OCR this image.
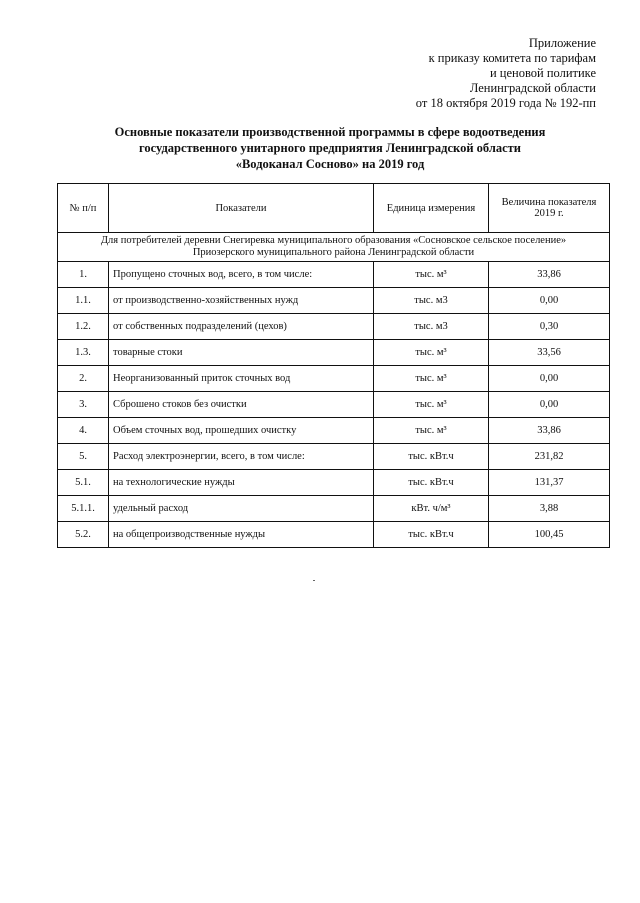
Приложение
к приказу комитета по тарифам
и ценовой политике
Ленинградской области
от 18 октября 2019 года № 192-пп
Основные показатели производственной программы в сфере водоотведения
государственного унитарного предприятия Ленинградской области
«Водоканал Сосново» на 2019 год
№ п/п	Показатели	Единица измерения	Величина показателя 2019 г.

Для потребителей деревни Снегиревка муниципального образования «Сосновское сельское поселение»
Приозерского муниципального района Ленинградской области			

1.	Пропущено сточных вод, всего, в том числе:	тыс. м³	33,86
1.1.	от производственно-хозяйственных нужд	тыс. м3	0,00
1.2.	от собственных подразделений (цехов)	тыс. м3	0,30
1.3.	товарные стоки	тыс. м³	33,56
2.	Неорганизованный приток сточных вод	тыс. м³	0,00
3.	Сброшено стоков без очистки	тыс. м³	0,00
4.	Объем сточных вод, прошедших очистку	тыс. м³	33,86
5.	Расход электроэнергии, всего, в том числе:	тыс. кВт.ч	231,82
5.1.	на технологические нужды	тыс. кВт.ч	131,37
5.1.1.	удельный расход	кВт. ч/м³	3,88
5.2.	на общепроизводственные нужды	тыс. кВт.ч	100,45
